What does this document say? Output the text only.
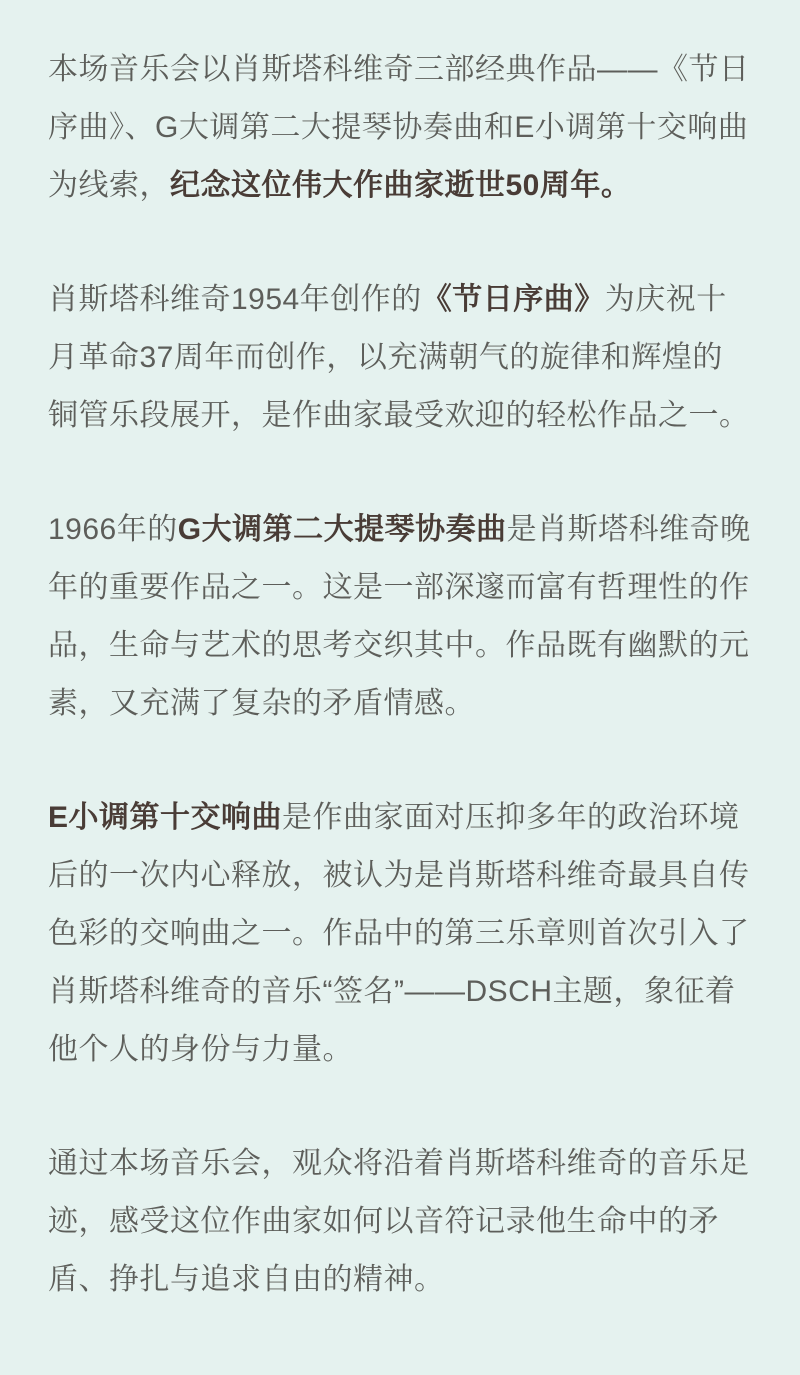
本场音乐会以肖斯塔科维奇三部经典作品——《节日序曲》、G大调第二大提琴协奏曲和E小调第十交响曲为线索，纪念这位伟大作曲家逝世50周年。

肖斯塔科维奇1954年创作的《节日序曲》为庆祝十月革命37周年而创作，以充满朝气的旋律和辉煌的铜管乐段展开，是作曲家最受欢迎的轻松作品之一。

1966年的G大调第二大提琴协奏曲是肖斯塔科维奇晚年的重要作品之一。这是一部深邃而富有哲理性的作品，生命与艺术的思考交织其中。作品既有幽默的元素，又充满了复杂的矛盾情感。

E小调第十交响曲是作曲家面对压抑多年的政治环境后的一次内心释放，被认为是肖斯塔科维奇最具自传色彩的交响曲之一。作品中的第三乐章则首次引入了肖斯塔科维奇的音乐“签名”——DSCH主题，象征着他个人的身份与力量。

通过本场音乐会，观众将沿着肖斯塔科维奇的音乐足迹，感受这位作曲家如何以音符记录他生命中的矛盾、挣扎与追求自由的精神。
